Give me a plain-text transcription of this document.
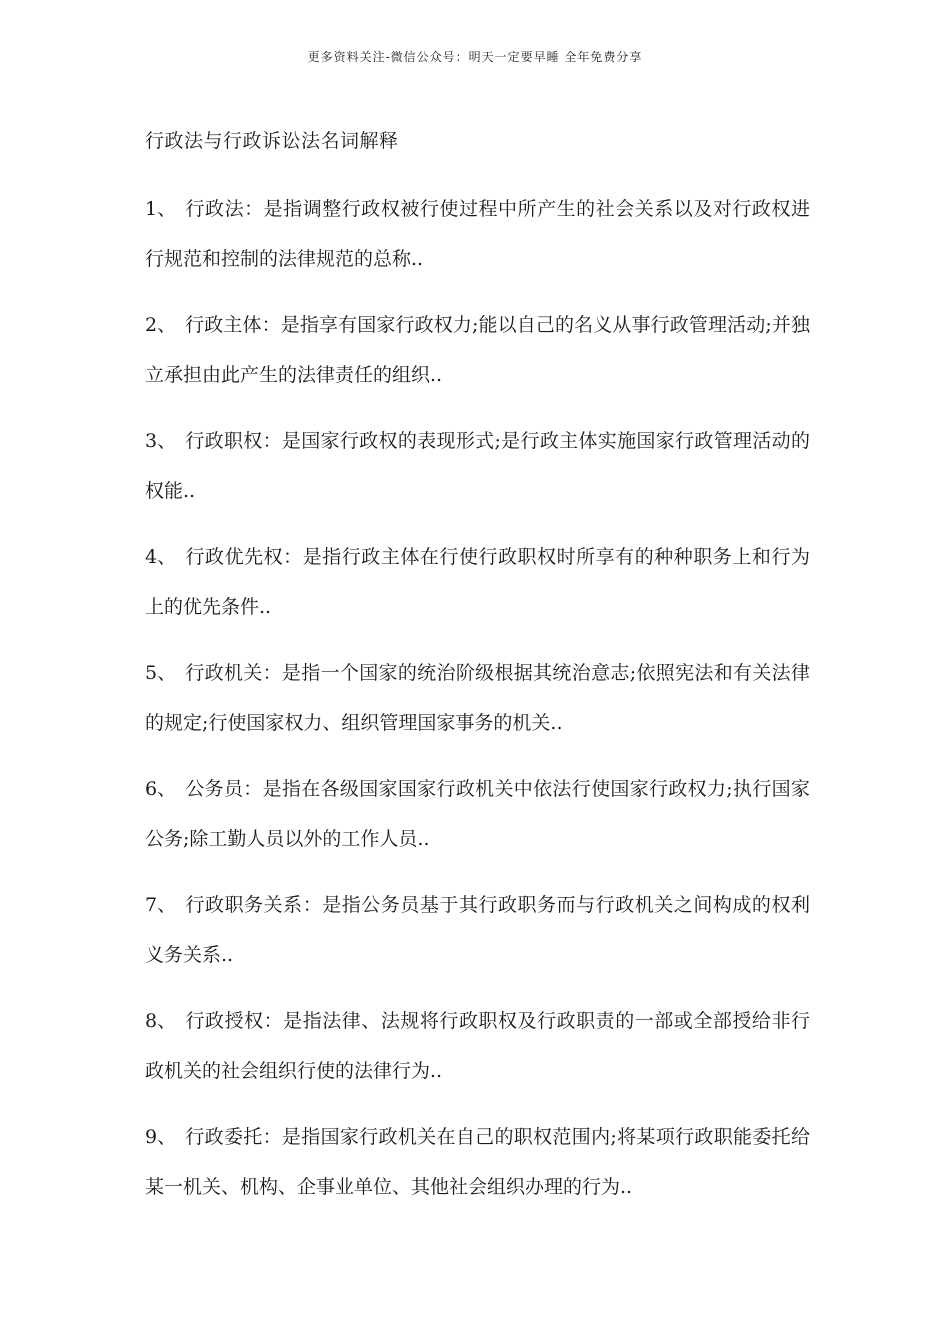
更多资料关注-微信公众号：明天一定要早睡 全年免费分享
行政法与行政诉讼法名词解释
1、 行政法：是指调整行政权被行使过程中所产生的社会关系以及对行政权进行规范和控制的法律规范的总称..
2、 行政主体：是指享有国家行政权力;能以自己的名义从事行政管理活动;并独立承担由此产生的法律责任的组织..
3、 行政职权：是国家行政权的表现形式;是行政主体实施国家行政管理活动的权能..
4、 行政优先权：是指行政主体在行使行政职权时所享有的种种职务上和行为上的优先条件..
5、 行政机关：是指一个国家的统治阶级根据其统治意志;依照宪法和有关法律的规定;行使国家权力、组织管理国家事务的机关..
6、 公务员：是指在各级国家国家行政机关中依法行使国家行政权力;执行国家公务;除工勤人员以外的工作人员..
7、 行政职务关系：是指公务员基于其行政职务而与行政机关之间构成的权利义务关系..
8、 行政授权：是指法律、法规将行政职权及行政职责的一部或全部授给非行政机关的社会组织行使的法律行为..
9、 行政委托：是指国家行政机关在自己的职权范围内;将某项行政职能委托给某一机关、机构、企事业单位、其他社会组织办理的行为..
